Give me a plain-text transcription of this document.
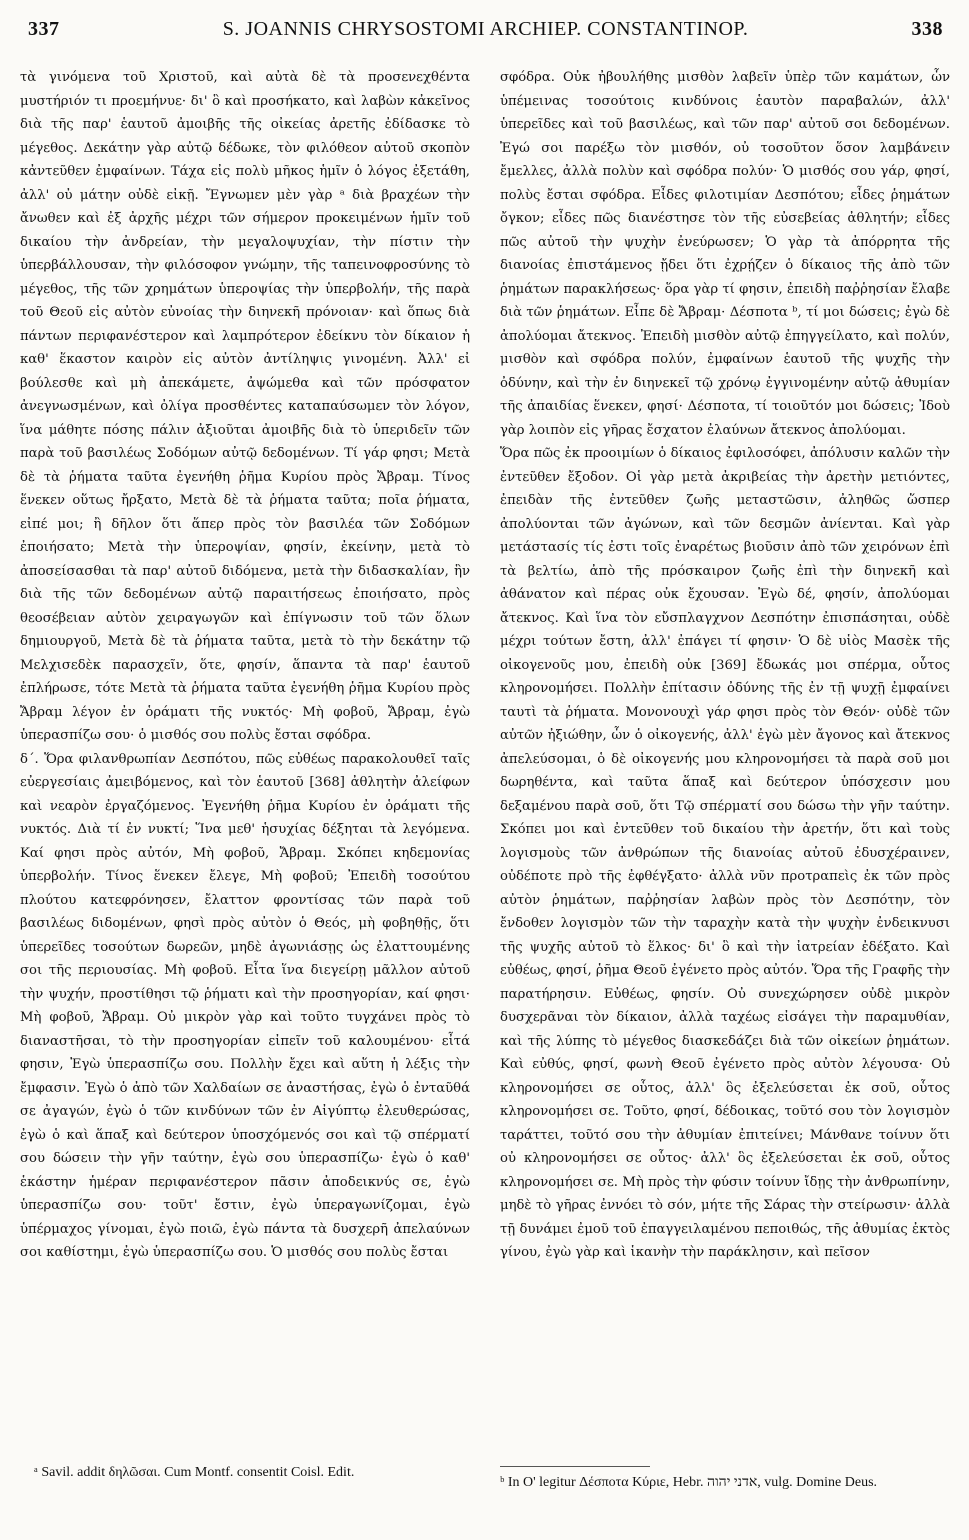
337	S. JOANNIS CHRYSOSTOMI ARCHIEP. CONSTANTINOP.	338

τὰ γινόμενα τοῦ Χριστοῦ, καὶ αὐτὰ δὲ τὰ προσενεχθέντα μυστήριόν τι προεμήνυε· δι' ὃ καὶ προσήκατο, καὶ λαβὼν κἀκεῖνος διὰ τῆς παρ' ἑαυτοῦ ἀμοιβῆς τῆς οἰκείας ἀρετῆς ἐδίδασκε τὸ μέγεθος. Δεκάτην γὰρ αὐτῷ δέδωκε, τὸν φιλόθεον αὐτοῦ σκοπὸν κἀντεῦθεν ἐμφαίνων. Τάχα εἰς πολὺ μῆκος ἡμῖν ὁ λόγος ἐξετάθη, ἀλλ' οὐ μάτην οὐδὲ εἰκῇ. Ἔγνωμεν μὲν γὰρ ᵃ διὰ βραχέων τὴν ἄνωθεν καὶ ἐξ ἀρχῆς μέχρι τῶν σήμερον προκειμένων ἡμῖν τοῦ δικαίου τὴν ἀνδρείαν, τὴν μεγαλοψυχίαν, τὴν πίστιν τὴν ὑπερβάλλουσαν, τὴν φιλόσοφον γνώμην, τῆς ταπεινοφροσύνης τὸ μέγεθος, τῆς τῶν χρημάτων ὑπεροψίας τὴν ὑπερβολήν, τῆς παρὰ τοῦ Θεοῦ εἰς αὐτὸν εὐνοίας τὴν διηνεκῆ πρόνοιαν· καὶ ὅπως διὰ πάντων περιφανέστερον καὶ λαμπρότερον ἐδείκνυ τὸν δίκαιον ἡ καθ' ἕκαστον καιρὸν εἰς αὐτὸν ἀντίληψις γινομένη. Ἀλλ' εἰ βούλεσθε καὶ μὴ ἀπεκάμετε, ἀψώμεθα καὶ τῶν πρόσφατον ἀνεγνωσμένων, καὶ ὀλίγα προσθέντες καταπαύσωμεν τὸν λόγον, ἵνα μάθητε πόσης πάλιν ἀξιοῦται ἀμοιβῆς διὰ τὸ ὑπεριδεῖν τῶν παρὰ τοῦ βασιλέως Σοδόμων αὐτῷ δεδομένων. Τί γάρ φησι; Μετὰ δὲ τὰ ῥήματα ταῦτα ἐγενήθη ῥῆμα Κυρίου πρὸς Ἄβραμ. Τίνος ἕνεκεν οὕτως ἤρξατο, Μετὰ δὲ τὰ ῥήματα ταῦτα; ποῖα ῥήματα, εἰπέ μοι; ἢ δῆλον ὅτι ἅπερ πρὸς τὸν βασιλέα τῶν Σοδόμων ἐποιήσατο; Μετὰ τὴν ὑπεροψίαν, φησίν, ἐκείνην, μετὰ τὸ ἀποσείσασθαι τὰ παρ' αὐτοῦ διδόμενα, μετὰ τὴν διδασκαλίαν, ἣν διὰ τῆς τῶν δεδομένων αὐτῷ παραιτήσεως ἐποιήσατο, πρὸς θεοσέβειαν αὐτὸν χειραγωγῶν καὶ ἐπίγνωσιν τοῦ τῶν ὅλων δημιουργοῦ, Μετὰ δὲ τὰ ῥήματα ταῦτα, μετὰ τὸ τὴν δεκάτην τῷ Μελχισεδὲκ παρασχεῖν, ὅτε, φησίν, ἅπαντα τὰ παρ' ἑαυτοῦ ἐπλήρωσε, τότε Μετὰ τὰ ῥήματα ταῦτα ἐγενήθη ῥῆμα Κυρίου πρὸς Ἄβραμ λέγον ἐν ὁράματι τῆς νυκτός· Μὴ φοβοῦ, Ἄβραμ, ἐγὼ ὑπερασπίζω σου· ὁ μισθός σου πολὺς ἔσται σφόδρα.

δ΄. Ὅρα φιλανθρωπίαν Δεσπότου, πῶς εὐθέως παρακολουθεῖ ταῖς εὐεργεσίαις ἀμειβόμενος, καὶ τὸν ἑαυτοῦ [368] ἀθλητὴν ἀλείφων καὶ νεαρὸν ἐργαζόμενος. Ἐγενήθη ῥῆμα Κυρίου ἐν ὁράματι τῆς νυκτός. Διὰ τί ἐν νυκτί; Ἵνα μεθ' ἡσυχίας δέξηται τὰ λεγόμενα. Καί φησι πρὸς αὐτόν, Μὴ φοβοῦ, Ἄβραμ. Σκόπει κηδεμονίας ὑπερβολήν. Τίνος ἕνεκεν ἔλεγε, Μὴ φοβοῦ; Ἐπειδὴ τοσούτου πλούτου κατεφρόνησεν, ἔλαττον φροντίσας τῶν παρὰ τοῦ βασιλέως διδομένων, φησὶ πρὸς αὐτὸν ὁ Θεός, μὴ φοβηθῇς, ὅτι ὑπερεῖδες τοσούτων δωρεῶν, μηδὲ ἀγωνιάσῃς ὡς ἐλαττουμένης σοι τῆς περιουσίας. Μὴ φοβοῦ. Εἶτα ἵνα διεγείρῃ μᾶλλον αὐτοῦ τὴν ψυχήν, προστίθησι τῷ ῥήματι καὶ τὴν προσηγορίαν, καί φησι· Μὴ φοβοῦ, Ἄβραμ. Οὐ μικρὸν γὰρ καὶ τοῦτο τυγχάνει πρὸς τὸ διαναστῆσαι, τὸ τὴν προσηγορίαν εἰπεῖν τοῦ καλουμένου· εἶτά φησιν, Ἐγὼ ὑπερασπίζω σου. Πολλὴν ἔχει καὶ αὕτη ἡ λέξις τὴν ἔμφασιν. Ἐγὼ ὁ ἀπὸ τῶν Χαλδαίων σε ἀναστήσας, ἐγὼ ὁ ἐνταῦθά σε ἀγαγών, ἐγὼ ὁ τῶν κινδύνων τῶν ἐν Αἰγύπτῳ ἐλευθερώσας, ἐγὼ ὁ καὶ ἅπαξ καὶ δεύτερον ὑποσχόμενός σοι καὶ τῷ σπέρματί σου δώσειν τὴν γῆν ταύτην, ἐγὼ σου ὑπερασπίζω· ἐγὼ ὁ καθ' ἑκάστην ἡμέραν περιφανέστερον πᾶσιν ἀποδεικνύς σε, ἐγὼ ὑπερασπίζω σου· τοῦτ' ἔστιν, ἐγὼ ὑπεραγωνίζομαι, ἐγὼ ὑπέρμαχος γίνομαι, ἐγὼ ποιῶ, ἐγὼ πάντα τὰ δυσχερῆ ἀπελαύνων σοι καθίστημι, ἐγὼ ὑπερασπίζω σου. Ὁ μισθός σου πολὺς ἔσται

σφόδρα. Οὐκ ἠβουλήθης μισθὸν λαβεῖν ὑπὲρ τῶν καμάτων, ὧν ὑπέμεινας τοσούτοις κινδύνοις ἑαυτὸν παραβαλών, ἀλλ' ὑπερεῖδες καὶ τοῦ βασιλέως, καὶ τῶν παρ' αὐτοῦ σοι δεδομένων. Ἐγώ σοι παρέξω τὸν μισθόν, οὐ τοσοῦτον ὅσον λαμβάνειν ἔμελλες, ἀλλὰ πολὺν καὶ σφόδρα πολύν· Ὁ μισθός σου γάρ, φησί, πολὺς ἔσται σφόδρα. Εἶδες φιλοτιμίαν Δεσπότου; εἶδες ῥημάτων ὄγκον; εἶδες πῶς διανέστησε τὸν τῆς εὐσεβείας ἀθλητήν; εἶδες πῶς αὐτοῦ τὴν ψυχὴν ἐνεύρωσεν; Ὁ γὰρ τὰ ἀπόρρητα τῆς διανοίας ἐπιστάμενος ᾔδει ὅτι ἐχρῄζεν ὁ δίκαιος τῆς ἀπὸ τῶν ῥημάτων παρακλήσεως· ὅρα γὰρ τί φησιν, ἐπειδὴ παῤῥησίαν ἔλαβε διὰ τῶν ῥημάτων. Εἶπε δὲ Ἄβραμ· Δέσποτα ᵇ, τί μοι δώσεις; ἐγὼ δὲ ἀπολύομαι ἄτεκνος. Ἐπειδὴ μισθὸν αὐτῷ ἐπηγγείλατο, καὶ πολύν, μισθὸν καὶ σφόδρα πολύν, ἐμφαίνων ἑαυτοῦ τῆς ψυχῆς τὴν ὀδύνην, καὶ τὴν ἐν διηνεκεῖ τῷ χρόνῳ ἐγγινομένην αὐτῷ ἀθυμίαν τῆς ἀπαιδίας ἕνεκεν, φησί· Δέσποτα, τί τοιοῦτόν μοι δώσεις; Ἰδοὺ γὰρ λοιπὸν εἰς γῆρας ἔσχατον ἐλαύνων ἄτεκνος ἀπολύομαι.

Ὅρα πῶς ἐκ προοιμίων ὁ δίκαιος ἐφιλοσόφει, ἀπόλυσιν καλῶν τὴν ἐντεῦθεν ἔξοδον. Οἱ γὰρ μετὰ ἀκριβείας τὴν ἀρετὴν μετιόντες, ἐπειδὰν τῆς ἐντεῦθεν ζωῆς μεταστῶσιν, ἀληθῶς ὥσπερ ἀπολύονται τῶν ἀγώνων, καὶ τῶν δεσμῶν ἀνίενται. Καὶ γὰρ μετάστασίς τίς ἐστι τοῖς ἐναρέτως βιοῦσιν ἀπὸ τῶν χειρόνων ἐπὶ τὰ βελτίω, ἀπὸ τῆς πρόσκαιρον ζωῆς ἐπὶ τὴν διηνεκῆ καὶ ἀθάνατον καὶ πέρας οὐκ ἔχουσαν. Ἐγὼ δέ, φησίν, ἀπολύομαι ἄτεκνος. Καὶ ἵνα τὸν εὔσπλαγχνον Δεσπότην ἐπισπάσηται, οὐδὲ μέχρι τούτων ἔστη, ἀλλ' ἐπάγει τί φησιν· Ὁ δὲ υἱὸς Μασὲκ τῆς οἰκογενοῦς μου, ἐπειδὴ οὐκ [369] ἔδωκάς μοι σπέρμα, οὗτος κληρονομήσει. Πολλὴν ἐπίτασιν ὀδύνης τῆς ἐν τῇ ψυχῇ ἐμφαίνει ταυτὶ τὰ ῥήματα. Μονονουχὶ γάρ φησι πρὸς τὸν Θεόν· οὐδὲ τῶν αὐτῶν ἠξιώθην, ὧν ὁ οἰκογενής, ἀλλ' ἐγὼ μὲν ἄγονος καὶ ἄτεκνος ἀπελεύσομαι, ὁ δὲ οἰκογενής μου κληρονομήσει τὰ παρὰ σοῦ μοι δωρηθέντα, καὶ ταῦτα ἅπαξ καὶ δεύτερον ὑπόσχεσιν μου δεξαμένου παρὰ σοῦ, ὅτι Τῷ σπέρματί σου δώσω τὴν γῆν ταύτην. Σκόπει μοι καὶ ἐντεῦθεν τοῦ δικαίου τὴν ἀρετήν, ὅτι καὶ τοὺς λογισμοὺς τῶν ἀνθρώπων τῆς διανοίας αὐτοῦ ἐδυσχέραινεν, οὐδέποτε πρὸ τῆς ἐφθέγξατο· ἀλλὰ νῦν προτραπεὶς ἐκ τῶν πρὸς αὐτὸν ῥημάτων, παῤῥησίαν λαβὼν πρὸς τὸν Δεσπότην, τὸν ἔνδοθεν λογισμὸν τῶν τὴν ταραχὴν κατὰ τὴν ψυχὴν ἐνδεικνυσι τῆς ψυχῆς αὐτοῦ τὸ ἕλκος· δι' ὃ καὶ τὴν ἰατρείαν ἐδέξατο. Καὶ εὐθέως, φησί, ῥῆμα Θεοῦ ἐγένετο πρὸς αὐτόν. Ὅρα τῆς Γραφῆς τὴν παρατήρησιν. Εὐθέως, φησίν. Οὐ συνεχώρησεν οὐδὲ μικρὸν δυσχερᾶναι τὸν δίκαιον, ἀλλὰ ταχέως εἰσάγει τὴν παραμυθίαν, καὶ τῆς λύπης τὸ μέγεθος διασκεδάζει διὰ τῶν οἰκείων ῥημάτων. Καὶ εὐθύς, φησί, φωνὴ Θεοῦ ἐγένετο πρὸς αὐτὸν λέγουσα· Οὐ κληρονομήσει σε οὗτος, ἀλλ' ὃς ἐξελεύσεται ἐκ σοῦ, οὗτος κληρονομήσει σε. Τοῦτο, φησί, δέδοικας, τοῦτό σου τὸν λογισμὸν ταράττει, τοῦτό σου τὴν ἀθυμίαν ἐπιτείνει; Μάνθανε τοίνυν ὅτι οὐ κληρονομήσει σε οὗτος· ἀλλ' ὃς ἐξελεύσεται ἐκ σοῦ, οὗτος κληρονομήσει σε. Μὴ πρὸς τὴν φύσιν τοίνυν ἴδῃς τὴν ἀνθρωπίνην, μηδὲ τὸ γῆρας ἐννόει τὸ σόν, μήτε τῆς Σάρας τὴν στείρωσιν· ἀλλὰ τῇ δυνάμει ἐμοῦ τοῦ ἐπαγγειλαμένου πεποιθώς, τῆς ἀθυμίας ἐκτὸς γίνου, ἐγὼ γὰρ καὶ ἱκανὴν τὴν παράκλησιν, καὶ πεῖσον

ᵃ Savil. addit δηλῶσαι. Cum Montf. consentit Coisl. Edit.
ᵇ In O' legitur Δέσποτα Κύριε, Hebr. אדני יהוה, vulg. Domine Deus.
